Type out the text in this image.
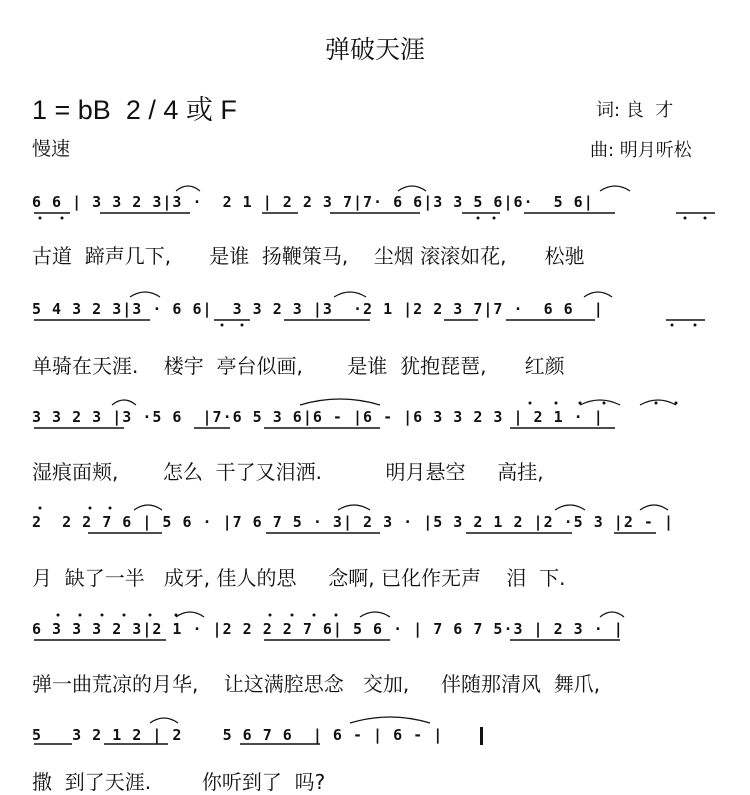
弹破天涯
1 = bB  2 / 4 或 F
慢速
词: 良  才
曲: 明月听松
6 6 | 3 3 2 3|3 ·  2 1 | 2 2 3 7|7· 6 6|3 3 5 6|6·  5 6|
古道  蹄声几下,      是谁  扬鞭策马,    尘烟 滚滚如花,      松驰
5 4 3 2 3|3 · 6 6|  3 3 2 3 |3  ·2 1 |2 2 3 7|7 ·  6 6  |
单骑在天涯.    楼宇  亭台似画,       是谁  犹抱琵琶,      红颜
3 3 2 3 |3 ·5 6  |7·6 5 3 6|6 - |6 - |6 3 3 2 3 | 2 1 · |
湿痕面颊,       怎么  干了又泪洒.          明月悬空     高挂,
2  2 2 7 6 | 5 6 · |7 6 7 5 · 3| 2 3 · |5 3 2 1 2 |2 ·5 3 |2 - |
月  缺了一半   成牙, 佳人的思     念啊, 已化作无声    泪  下.
6 3 3 3 2 3|2 1 · |2 2 2 2 7 6| 5 6 · | 7 6 7 5·3 | 2 3 · |
弹一曲荒凉的月华,    让这满腔思念   交加,     伴随那清风  舞爪,
5   3 2 1 2 | 2    5 6 7 6  | 6 - | 6 - |
撒  到了天涯.        你听到了  吗?
